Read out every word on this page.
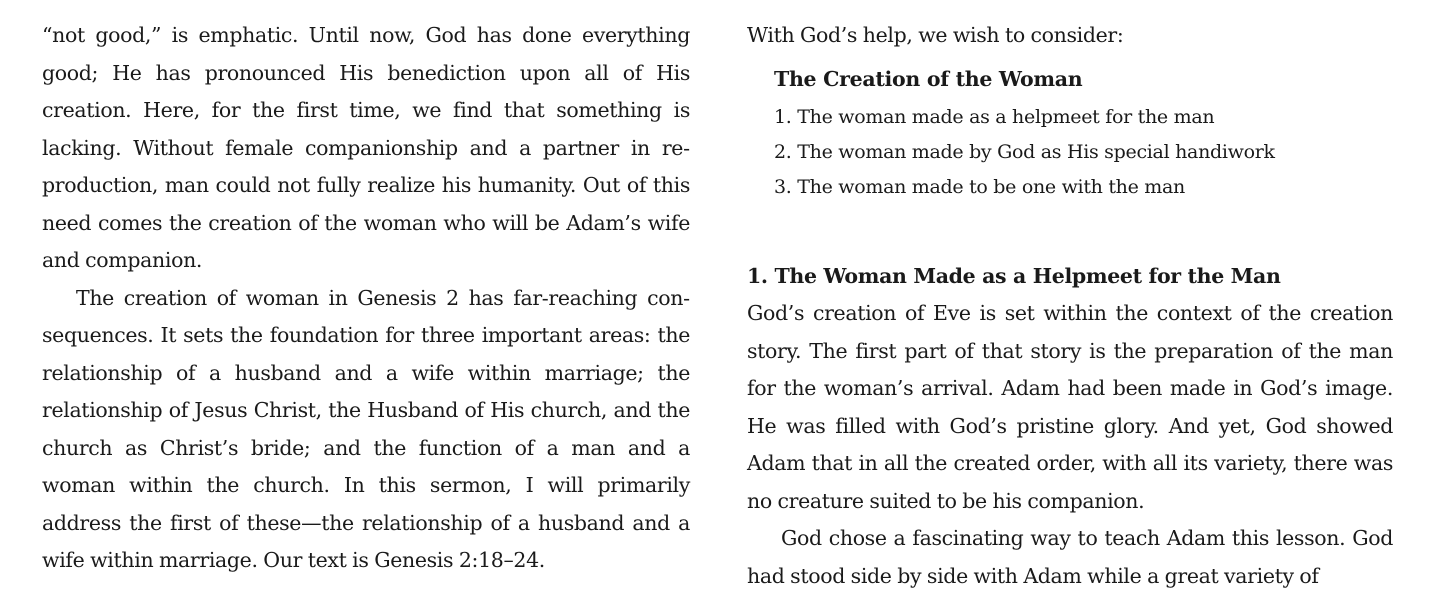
“not good,” is emphatic. Until now, God has done everything good; He has pronounced His benediction upon all of His creation. Here, for the first time, we find that something is lacking. Without female companionship and a partner in reproduction, man could not fully realize his humanity. Out of this need comes the creation of the woman who will be Adam’s wife and companion.

The creation of woman in Genesis 2 has far-reaching consequences. It sets the foundation for three important areas: the relationship of a husband and a wife within marriage; the relationship of Jesus Christ, the Husband of His church, and the church as Christ’s bride; and the function of a man and a woman within the church. In this sermon, I will primarily address the first of these—the relationship of a husband and a wife within marriage. Our text is Genesis 2:18–24.

With God’s help, we wish to consider:

The Creation of the Woman
1. The woman made as a helpmeet for the man
2. The woman made by God as His special handiwork
3. The woman made to be one with the man
1. The Woman Made as a Helpmeet for the Man

God’s creation of Eve is set within the context of the creation story. The first part of that story is the preparation of the man for the woman’s arrival. Adam had been made in God’s image. He was filled with God’s pristine glory. And yet, God showed Adam that in all the created order, with all its variety, there was no creature suited to be his companion.

God chose a fascinating way to teach Adam this lesson. God had stood side by side with Adam while a great variety of
